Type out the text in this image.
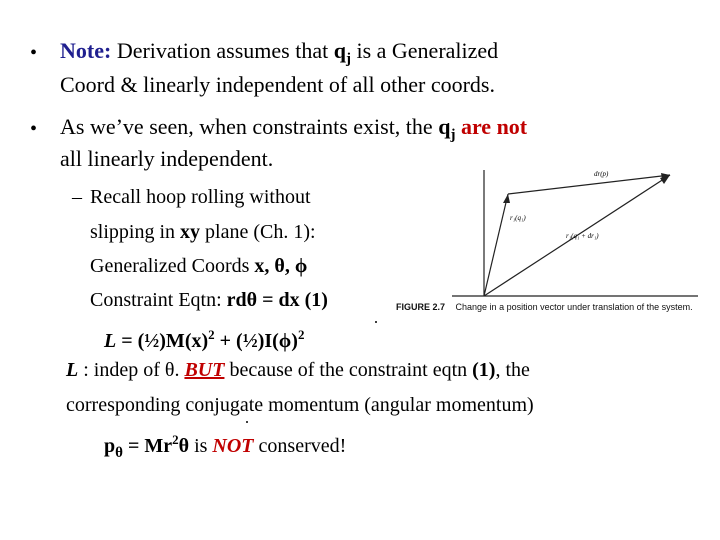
• Note: Derivation assumes that $q_j$ is a Generalized
Coord & linearly independent of all other coords.
• As we’ve seen, when constraints exist, the $q_j$ are not
all linearly independent.
– Recall hoop rolling without
slipping in xy plane (Ch. 1):
Generalized Coords x, θ, ϕ
Constraint Eqtn: rdθ = dx (1)
$L = (\frac{1}{2})M(x)^2$ + $(\frac{1}{2})I(\phi)^2$
L : indep of θ. BUT because of the constraint eqtn (1), the
corresponding conjugate momentum (angular momentum)
$p_\theta = Mr^2\theta$ is NOT conserved!
dr(p)
r₁(q₁)
r₁(q₁ + dr₁)
FIGURE 2.7 Change in a position vector under translation of the system.
